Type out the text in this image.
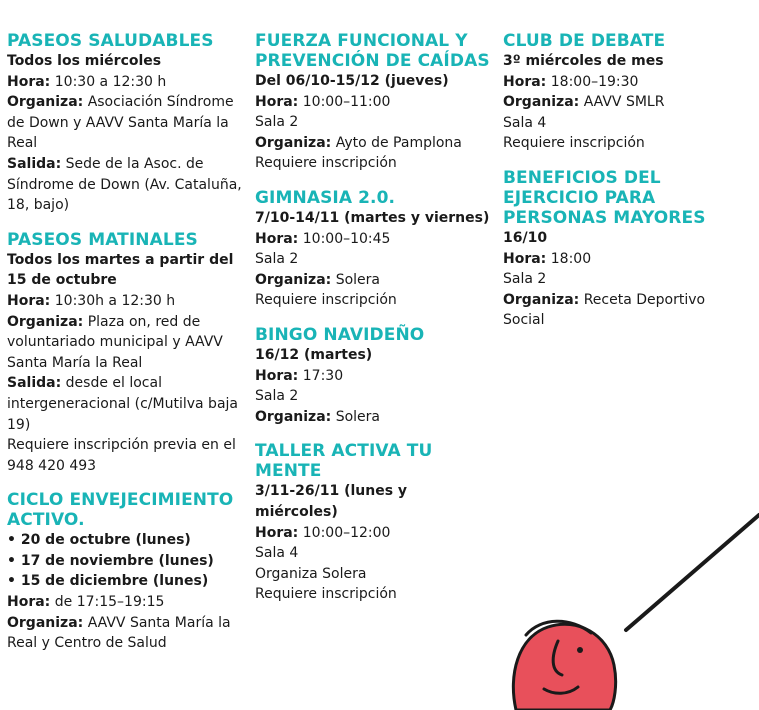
PASEOS SALUDABLES
Todos los miércoles
Hora: 10:30 a 12:30 h
Organiza: Asociación Síndrome de Down y AAVV Santa María la Real
Salida: Sede de la Asoc. de Síndrome de Down (Av. Cataluña, 18, bajo)
PASEOS MATINALES
Todos los martes a partir del 15 de octubre
Hora: 10:30h a 12:30 h
Organiza: Plaza on, red de voluntariado municipal y AAVV Santa María la Real
Salida: desde el local intergeneracional (c/Mutilva baja 19)
Requiere inscripción previa en el 948 420 493
CICLO ENVEJECIMIENTO ACTIVO.
• 20 de octubre (lunes)
• 17 de noviembre (lunes)
• 15 de diciembre (lunes)
Hora: de 17:15–19:15
Organiza: AAVV Santa María la Real y Centro de Salud
FUERZA FUNCIONAL Y PREVENCIÓN DE CAÍDAS
Del 06/10-15/12 (jueves)
Hora: 10:00–11:00
Sala 2
Organiza: Ayto de Pamplona
Requiere inscripción
GIMNASIA 2.0.
7/10-14/11 (martes y viernes)
Hora: 10:00–10:45
Sala 2
Organiza: Solera
Requiere inscripción
BINGO NAVIDEÑO
16/12 (martes)
Hora: 17:30
Sala 2
Organiza: Solera
TALLER ACTIVA TU MENTE
3/11-26/11 (lunes y miércoles)
Hora: 10:00–12:00
Sala 4
Organiza Solera
Requiere inscripción
CLUB DE DEBATE
3º miércoles de mes
Hora: 18:00–19:30
Organiza: AAVV SMLR
Sala 4
Requiere inscripción
BENEFICIOS DEL EJERCICIO PARA PERSONAS MAYORES
16/10
Hora: 18:00
Sala 2
Organiza: Receta Deportivo Social
